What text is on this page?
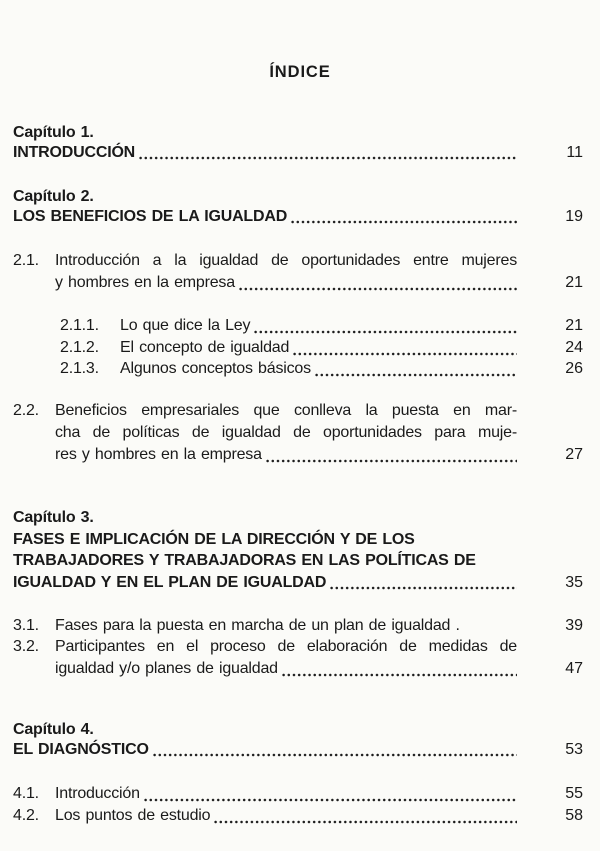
ÍNDICE
Capítulo 1.
INTRODUCCIÓN	11
Capítulo 2.
LOS BENEFICIOS DE LA IGUALDAD	19
2.1.	Introducción a la igualdad de oportunidades entre mujeres
y hombres en la empresa	21
2.1.1.	Lo que dice la Ley	21
2.1.2.	El concepto de igualdad	24
2.1.3.	Algunos conceptos básicos	26
2.2.	Beneficios empresariales que conlleva la puesta en mar-
cha de políticas de igualdad de oportunidades para muje-
res y hombres en la empresa	27
Capítulo 3.
FASES E IMPLICACIÓN DE LA DIRECCIÓN Y DE LOS
TRABAJADORES Y TRABAJADORAS EN LAS POLÍTICAS DE
IGUALDAD Y EN EL PLAN DE IGUALDAD	35
3.1.	Fases para la puesta en marcha de un plan de igualdad .	39
3.2.	Participantes en el proceso de elaboración de medidas de
igualdad y/o planes de igualdad	47
Capítulo 4.
EL DIAGNÓSTICO	53
4.1.	Introducción	55
4.2.	Los puntos de estudio	58
